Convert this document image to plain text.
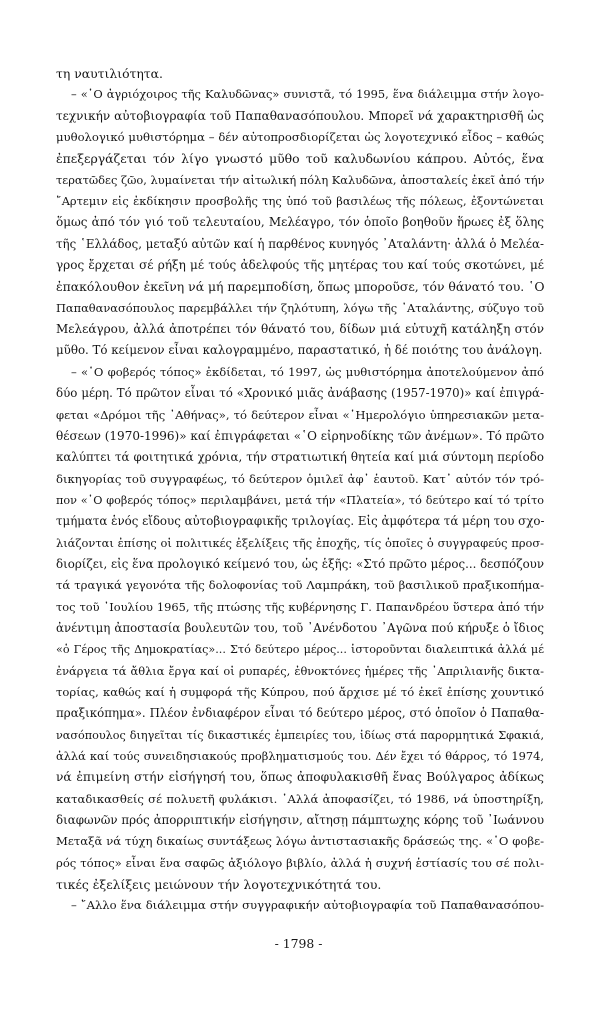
τη ναυτιλιότητα.
– «῾Ο ἀγριόχοιρος τῆς Καλυδῶνας» συνιστᾶ, τό 1995, ἕνα διάλειμμα στήν λογο-
τεχνικήν αὐτοβιογραφία τοῦ Παπαθανασόπουλου. Μπορεῖ νά χαρακτηρισθῆ ὡς
μυθολογικό μυθιστόρημα – δέν αὐτοπροσδιορίζεται ὡς λογοτεχνικό εἶδος – καθώς
ἐπεξεργάζεται τόν λίγο γνωστό μῦθο τοῦ καλυδωνίου κάπρου. Αὐτός, ἕνα
τερατῶδες ζῶο, λυμαίνεται τήν αἰτωλική πόλη Καλυδῶνα, ἀποσταλείς ἐκεῖ ἀπό τήν
῎Αρτεμιν εἰς ἐκδίκησιν προσβολῆς της ὑπό τοῦ βασιλέως τῆς πόλεως, ἐξοντώνεται
ὅμως ἀπό τόν γιό τοῦ τελευταίου, Μελέαγρο, τόν ὁποῖο βοηθοῦν ἥρωες ἐξ ὅλης
τῆς ῾Ελλάδος, μεταξύ αὐτῶν καί ἡ παρθένος κυνηγός ᾿Αταλάντη· ἀλλά ὁ Μελέα-
γρος ἔρχεται σέ ρήξη μέ τούς ἀδελφούς τῆς μητέρας του καί τούς σκοτώνει, μέ
ἐπακόλουθον ἐκεῖνη νά μή παρεμποδίση, ὅπως μποροῦσε, τόν θάνατό του. ῾Ο
Παπαθανασόπουλος παρεμβάλλει τήν ζηλότυπη, λόγω τῆς ᾿Αταλάντης, σύζυγο τοῦ
Μελεάγρου, ἀλλά ἀποτρέπει τόν θάνατό του, δίδων μιά εὐτυχῆ κατάληξη στόν
μῦθο. Τό κείμενον εἶναι καλογραμμένο, παραστατικό, ἡ δέ ποιότης του ἀνάλογη.
– «῾Ο φοβερός τόπος» ἐκδίδεται, τό 1997, ὡς μυθιστόρημα ἀποτελούμενον ἀπό
δύο μέρη. Τό πρῶτον εἶναι τό «Χρονικό μιᾶς ἀνάβασης (1957-1970)» καί ἐπιγρά-
φεται «Δρόμοι τῆς ᾿Αθήνας», τό δεύτερον εἶναι «῾Ημερολόγιο ὑπηρεσιακῶν μετα-
θέσεων (1970-1996)» καί ἐπιγράφεται «῾Ο εἰρηνοδίκης τῶν ἀνέμων». Τό πρῶτο
καλύπτει τά φοιτητικά χρόνια, τήν στρατιωτική θητεία καί μιά σύντομη περίοδο
δικηγορίας τοῦ συγγραφέως, τό δεύτερον ὁμιλεῖ ἀφ᾿ ἑαυτοῦ. Κατ᾿ αὐτόν τόν τρό-
πον «῾Ο φοβερός τόπος» περιλαμβάνει, μετά τήν «Πλατεία», τό δεύτερο καί τό τρίτο
τμήματα ἑνός εἴδους αὐτοβιογραφικῆς τριλογίας. Εἰς ἀμφότερα τά μέρη του σχο-
λιάζονται ἐπίσης οἱ πολιτικές ἐξελίξεις τῆς ἐποχῆς, τίς ὁποῖες ὁ συγγραφεύς προσ-
διορίζει, εἰς ἕνα προλογικό κείμενό του, ὡς ἑξῆς: «Στό πρῶτο μέρος... δεσπόζουν
τά τραγικά γεγονότα τῆς δολοφονίας τοῦ Λαμπράκη, τοῦ βασιλικοῦ πραξικοπήμα-
τος τοῦ ᾿Ιουλίου 1965, τῆς πτώσης τῆς κυβέρνησης Γ. Παπανδρέου ὕστερα ἀπό τήν
ἀνέντιμη ἀποστασία βουλευτῶν του, τοῦ ᾿Ανένδοτου ᾿Αγῶνα πού κήρυξε ὁ ἴδιος
«ὁ Γέρος τῆς Δημοκρατίας»... Στό δεύτερο μέρος... ἱστοροῦνται διαλειπτικά ἀλλά μέ
ἐνάργεια τά ἄθλια ἔργα καί οἱ ρυπαρές, ἐθνοκτόνες ἡμέρες τῆς ᾿Απριλιανῆς δικτα-
τορίας, καθώς καί ἡ συμφορά τῆς Κύπρου, πού ἄρχισε μέ τό ἐκεῖ ἐπίσης χουντικό
πραξικόπημα». Πλέον ἐνδιαφέρον εἶναι τό δεύτερο μέρος, στό ὁποῖον ὁ Παπαθα-
νασόπουλος διηγεῖται τίς δικαστικές ἐμπειρίες του, ἰδίως στά παρορμητικά Σφακιά,
ἀλλά καί τούς συνειδησιακούς προβληματισμούς του. Δέν ἔχει τό θάρρος, τό 1974,
νά ἐπιμείνη στήν εἰσήγησή του, ὅπως ἀποφυλακισθῆ ἕνας Βούλγαρος ἀδίκως
καταδικασθείς σέ πολυετῆ φυλάκισι. ᾿Αλλά ἀποφασίζει, τό 1986, νά ὑποστηρίξη,
διαφωνῶν πρός ἀπορριπτικήν εἰσήγησιν, αἴτησῃ πάμπτωχης κόρης τοῦ ᾿Ιωάννου
Μεταξᾶ νά τύχη δικαίως συντάξεως λόγω ἀντιστασιακῆς δράσεώς της. «῾Ο φοβε-
ρός τόπος» εἶναι ἕνα σαφῶς ἀξιόλογο βιβλίο, ἀλλά ἡ συχνή ἑστίασίς του σέ πολι-
τικές ἐξελίξεις μειώνουν τήν λογοτεχνικότητά του.
– ῎Αλλο ἕνα διάλειμμα στήν συγγραφικήν αὐτοβιογραφία τοῦ Παπαθανασόπου-
- 1798 -
